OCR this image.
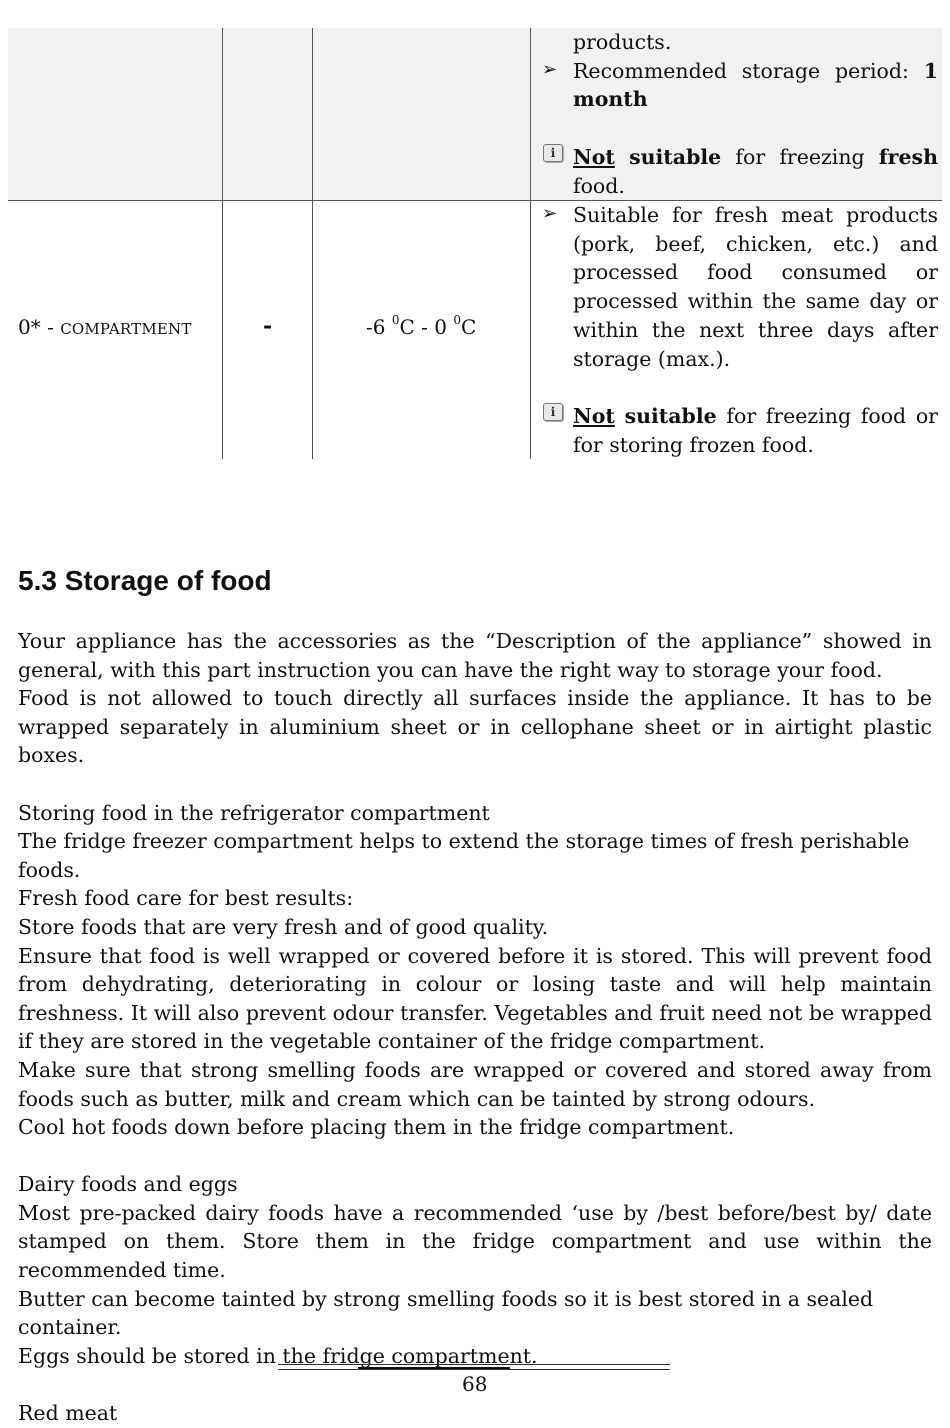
products.
Recommended storage period: 1
month
Not suitable for freezing fresh
food.
➢
i
0* - COMPARTMENT	-	-6 $^0$C - 0 $^0$C
Suitable for fresh meat products
(pork, beef, chicken, etc.) and
processed food consumed or
processed within the same day or
within the next three days after
storage (max.).
Not suitable for freezing food or
for storing frozen food.
➢
i
5.3 Storage of food

Your appliance has the accessories as the “Description of the appliance” showed in general, with this part instruction you can have the right way to storage your food.

Food is not allowed to touch directly all surfaces inside the appliance. It has to be wrapped separately in aluminium sheet or in cellophane sheet or in airtight plastic boxes.

Storing food in the refrigerator compartment

The fridge freezer compartment helps to extend the storage times of fresh perishable foods.

Fresh food care for best results:

Store foods that are very fresh and of good quality.

Ensure that food is well wrapped or covered before it is stored. This will prevent food from dehydrating, deteriorating in colour or losing taste and will help maintain freshness. It will also prevent odour transfer. Vegetables and fruit need not be wrapped if they are stored in the vegetable container of the fridge compartment.

Make sure that strong smelling foods are wrapped or covered and stored away from foods such as butter, milk and cream which can be tainted by strong odours.

Cool hot foods down before placing them in the fridge compartment.

Dairy foods and eggs

Most pre-packed dairy foods have a recommended ‘use by /best before/best by/ date stamped on them. Store them in the fridge compartment and use within the recommended time.

Butter can become tainted by strong smelling foods so it is best stored in a sealed container.

Eggs should be stored in the fridge compartment.

Red meat

68
